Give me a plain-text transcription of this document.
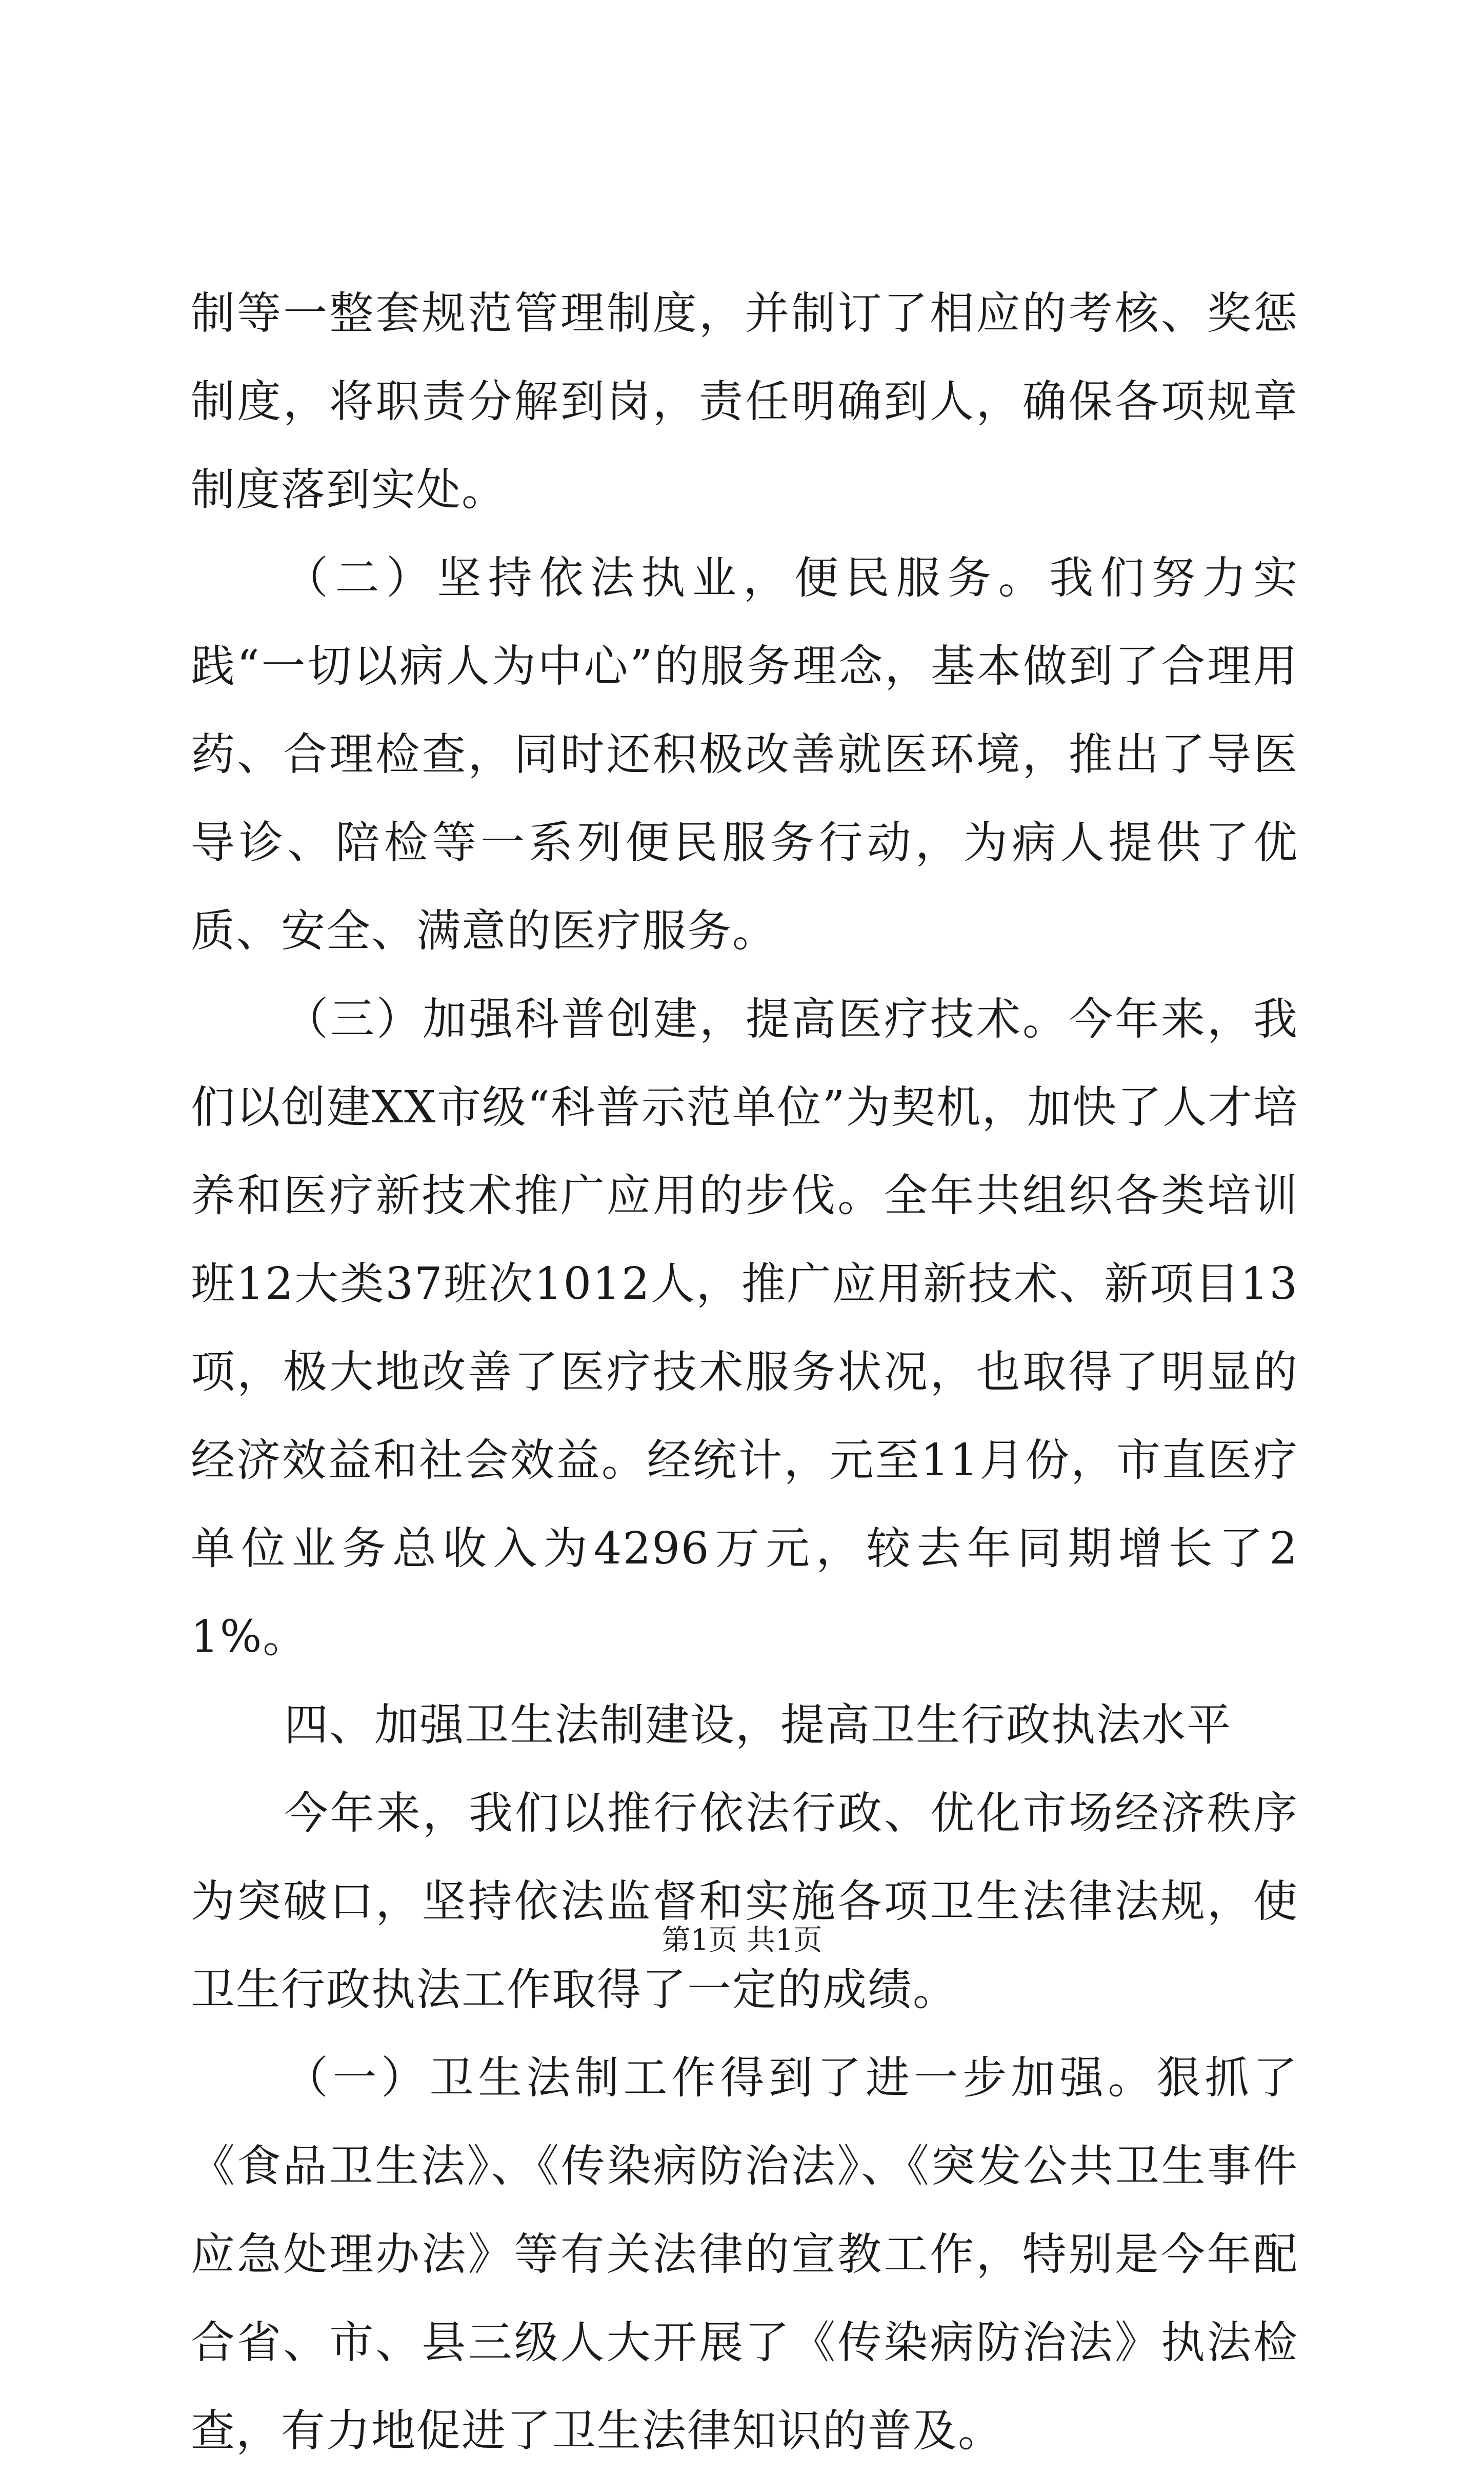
制等一整套规范管理制度，并制订了相应的考核、奖惩制度，将职责分解到岗，责任明确到人，确保各项规章制度落到实处。

（二）坚持依法执业，便民服务。我们努力实践“一切以病人为中心”的服务理念，基本做到了合理用药、合理检查，同时还积极改善就医环境，推出了导医导诊、陪检等一系列便民服务行动，为病人提供了优质、安全、满意的医疗服务。

（三）加强科普创建，提高医疗技术。今年来，我们以创建XX市级“科普示范单位”为契机，加快了人才培养和医疗新技术推广应用的步伐。全年共组织各类培训班12大类37班次1012人，推广应用新技术、新项目13项，极大地改善了医疗技术服务状况，也取得了明显的经济效益和社会效益。经统计，元至11月份，市直医疗单位业务总收入为4296万元，较去年同期增长了21%。

四、加强卫生法制建设，提高卫生行政执法水平

今年来，我们以推行依法行政、优化市场经济秩序为突破口，坚持依法监督和实施各项卫生法律法规，使卫生行政执法工作取得了一定的成绩。

（一）卫生法制工作得到了进一步加强。狠抓了《食品卫生法》、《传染病防治法》、《突发公共卫生事件应急处理办法》等有关法律的宣教工作，特别是今年配合省、市、县三级人大开展了《传染病防治法》执法检查，有力地促进了卫生法律知识的普及。

第1页 共1页
